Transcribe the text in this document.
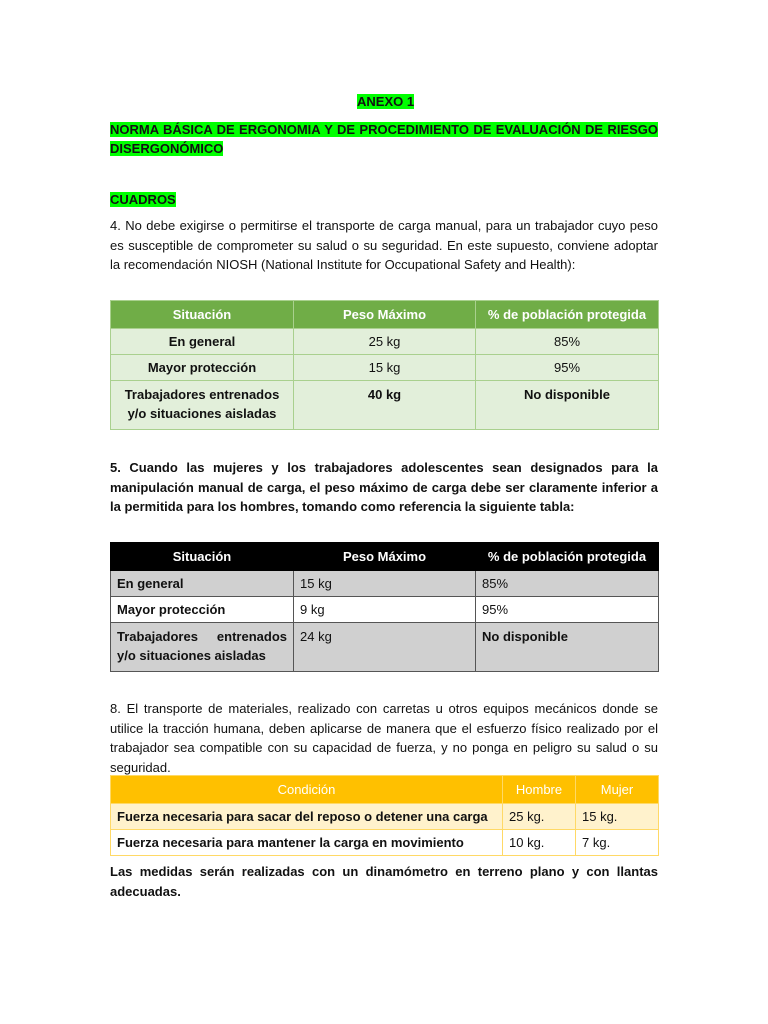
ANEXO 1
NORMA BÁSICA DE ERGONOMIA Y DE PROCEDIMIENTO DE EVALUACIÓN DE RIESGO DISERGONÓMICO
CUADROS
4. No debe exigirse o permitirse el transporte de carga manual, para un trabajador cuyo peso es susceptible de comprometer su salud o su seguridad. En este supuesto, conviene adoptar la recomendación NIOSH (National Institute for Occupational Safety and Health):
Situación	Peso Máximo	% de población protegida
En general	25 kg	85%
Mayor protección	15 kg	95%
Trabajadores entrenados y/o situaciones aisladas	40 kg	No disponible
5. Cuando las mujeres y los trabajadores adolescentes sean designados para la manipulación manual de carga, el peso máximo de carga debe ser claramente inferior a la permitida para los hombres, tomando como referencia la siguiente tabla:
Situación	Peso Máximo	% de población protegida
En general	15 kg	85%
Mayor protección	9 kg	95%
Trabajadores entrenados y/o situaciones aisladas	24 kg	No disponible
8. El transporte de materiales, realizado con carretas u otros equipos mecánicos donde se utilice la tracción humana, deben aplicarse de manera que el esfuerzo físico realizado por el trabajador sea compatible con su capacidad de fuerza, y no ponga en peligro su salud o su seguridad.
Condición	Hombre	Mujer
Fuerza necesaria para sacar del reposo o detener una carga	25 kg.	15 kg.
Fuerza necesaria para mantener la carga en movimiento	10 kg.	7 kg.
Las medidas serán realizadas con un dinamómetro en terreno plano y con llantas adecuadas.
